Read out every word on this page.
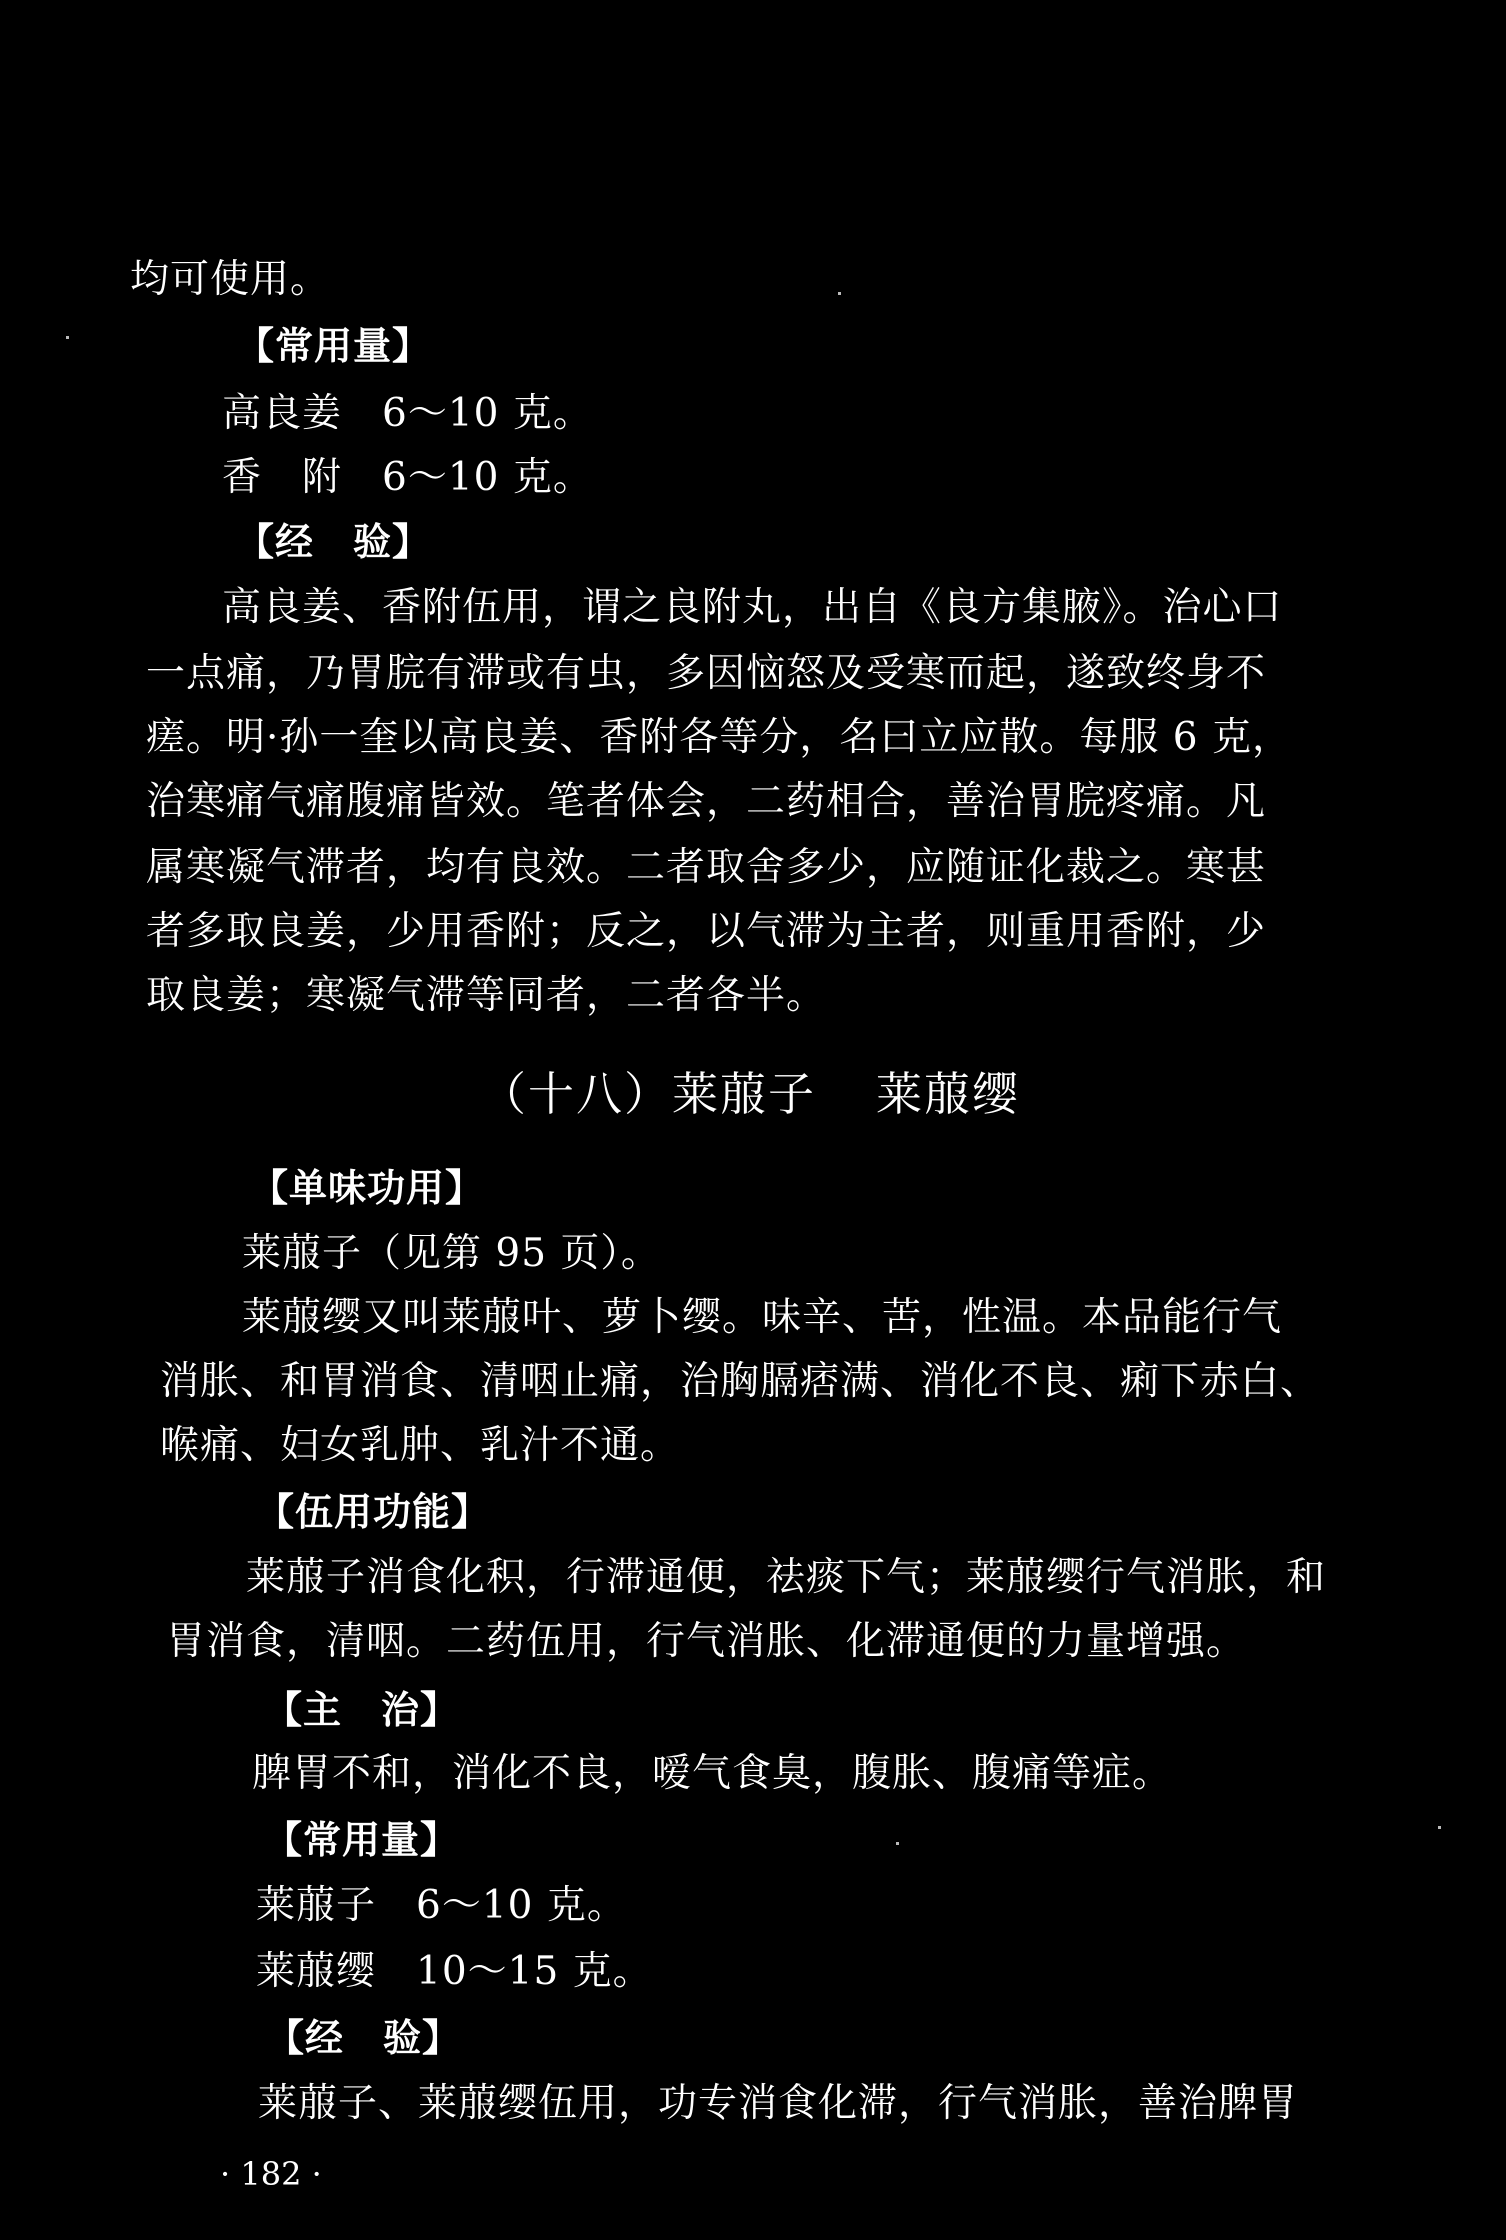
均可使用。
【常用量】
高良姜 6～10 克。
香　附 6～10 克。
【经　验】
高良姜、香附伍用，谓之良附丸，出自《良方集腋》。治心口
一点痛，乃胃脘有滞或有虫，多因恼怒及受寒而起，遂致终身不
瘥。明·孙一奎以高良姜、香附各等分，名曰立应散。每服 6 克，
治寒痛气痛腹痛皆效。笔者体会，二药相合，善治胃脘疼痛。凡
属寒凝气滞者，均有良效。二者取舍多少，应随证化裁之。寒甚
者多取良姜，少用香附；反之，以气滞为主者，则重用香附，少
取良姜；寒凝气滞等同者，二者各半。
（十八）莱菔子 莱菔缨
【单味功用】
莱菔子（见第 95 页）。
莱菔缨又叫莱菔叶、萝卜缨。味辛、苦，性温。本品能行气
消胀、和胃消食、清咽止痛，治胸膈痞满、消化不良、痢下赤白、
喉痛、妇女乳肿、乳汁不通。
【伍用功能】
莱菔子消食化积，行滞通便，祛痰下气；莱菔缨行气消胀，和
胃消食，清咽。二药伍用，行气消胀、化滞通便的力量增强。
【主　治】
脾胃不和，消化不良，嗳气食臭，腹胀、腹痛等症。
【常用量】
莱菔子 6～10 克。
莱菔缨 10～15 克。
【经　验】
莱菔子、莱菔缨伍用，功专消食化滞，行气消胀，善治脾胃
· 182 ·
